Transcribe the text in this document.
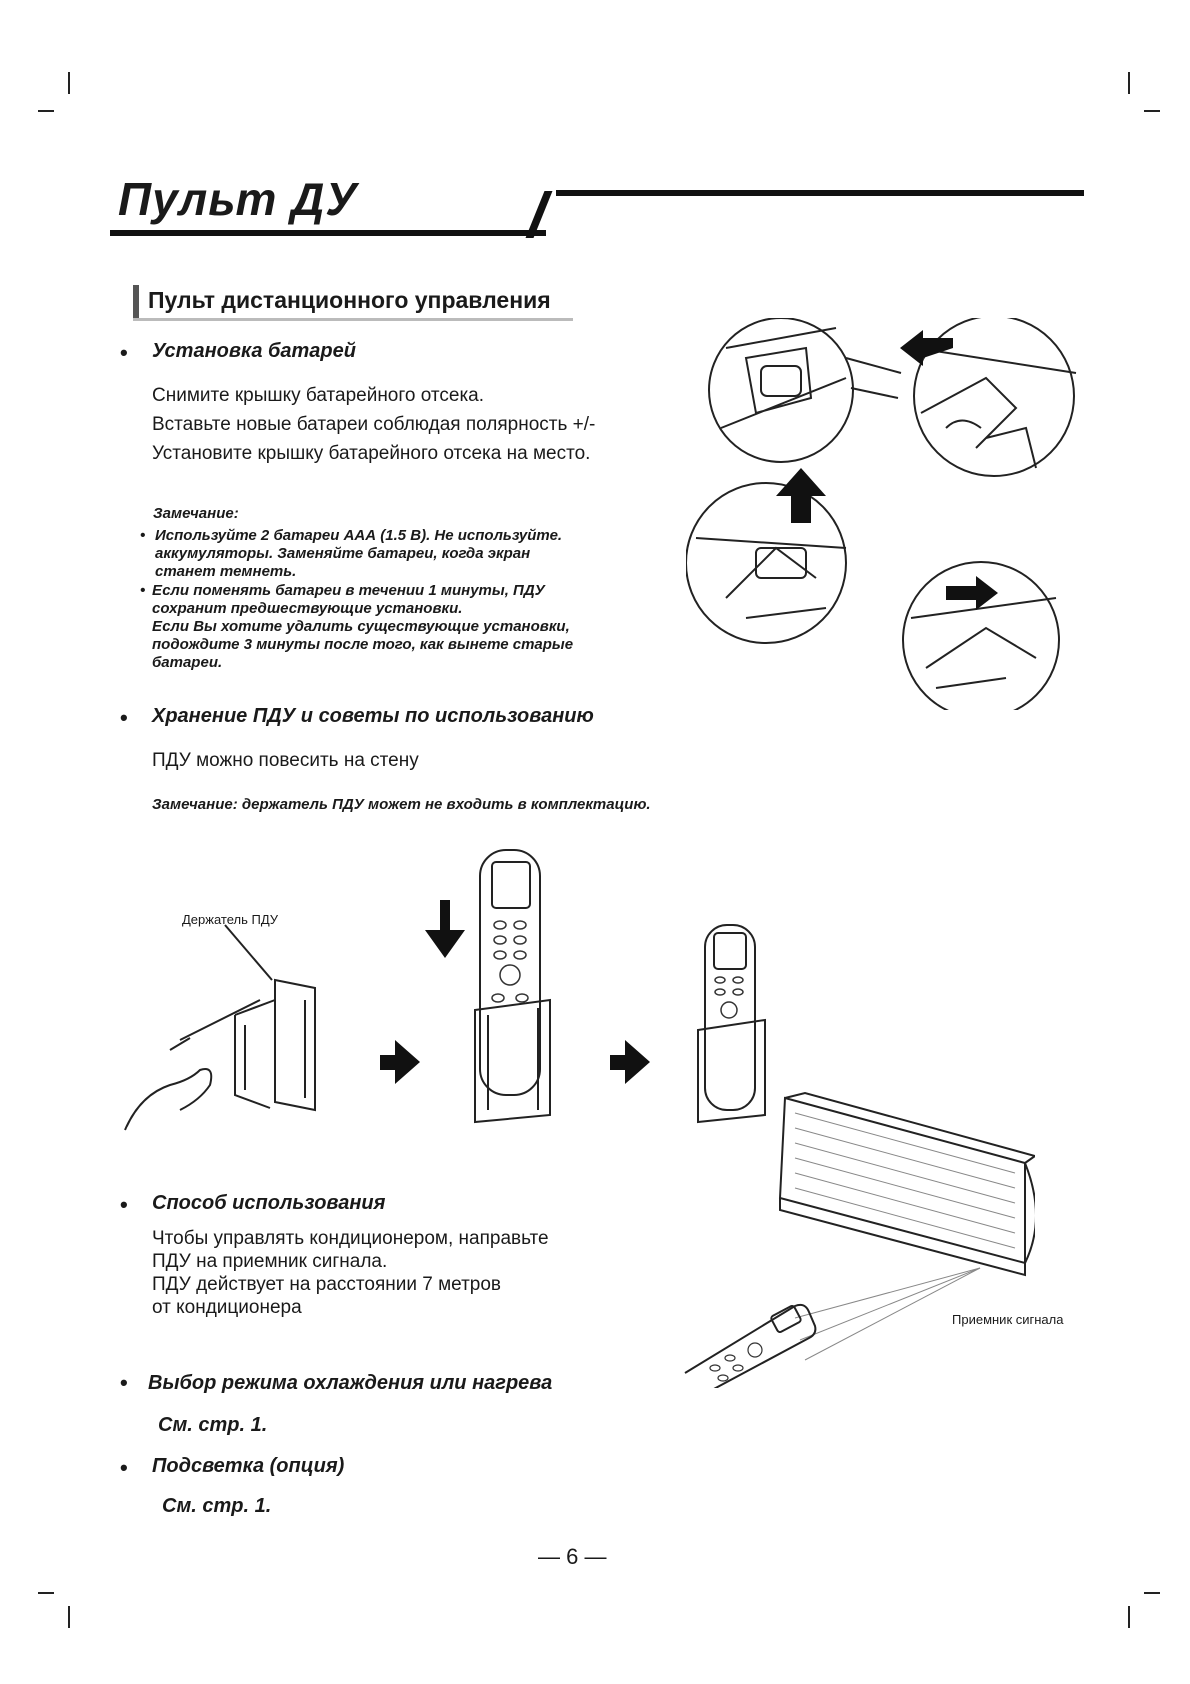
Пульт ДУ
Пульт дистанционного управления
• Установка батарей
Снимите крышку батарейного отсека.
Вставьте новые батареи соблюдая полярность +/-
Установите крышку батарейного отсека на место.
Замечание:
• Используйте 2 батареи ААА (1.5 В). Не используйте.
аккумуляторы. Заменяйте батареи, когда экран
станет темнеть.
• Если поменять батареи в течении 1 минуты, ПДУ
сохранит предшествующие установки.
Если Вы хотите удалить существующие установки,
подождите 3 минуты после того, как вынете старые
батареи.
• Хранение ПДУ и советы по использованию
ПДУ можно повесить на стену
Замечание: держатель ПДУ может не входить в комплектацию.
Держатель ПДУ
• Способ использования
Чтобы управлять кондиционером, направьте
ПДУ на приемник сигнала.
ПДУ действует на расстоянии 7 метров
от кондиционера
Приемник сигнала
• Выбор режима охлаждения или нагрева
См. стр. 1.
• Подсветка (опция)
См. стр. 1.
— 6 —
